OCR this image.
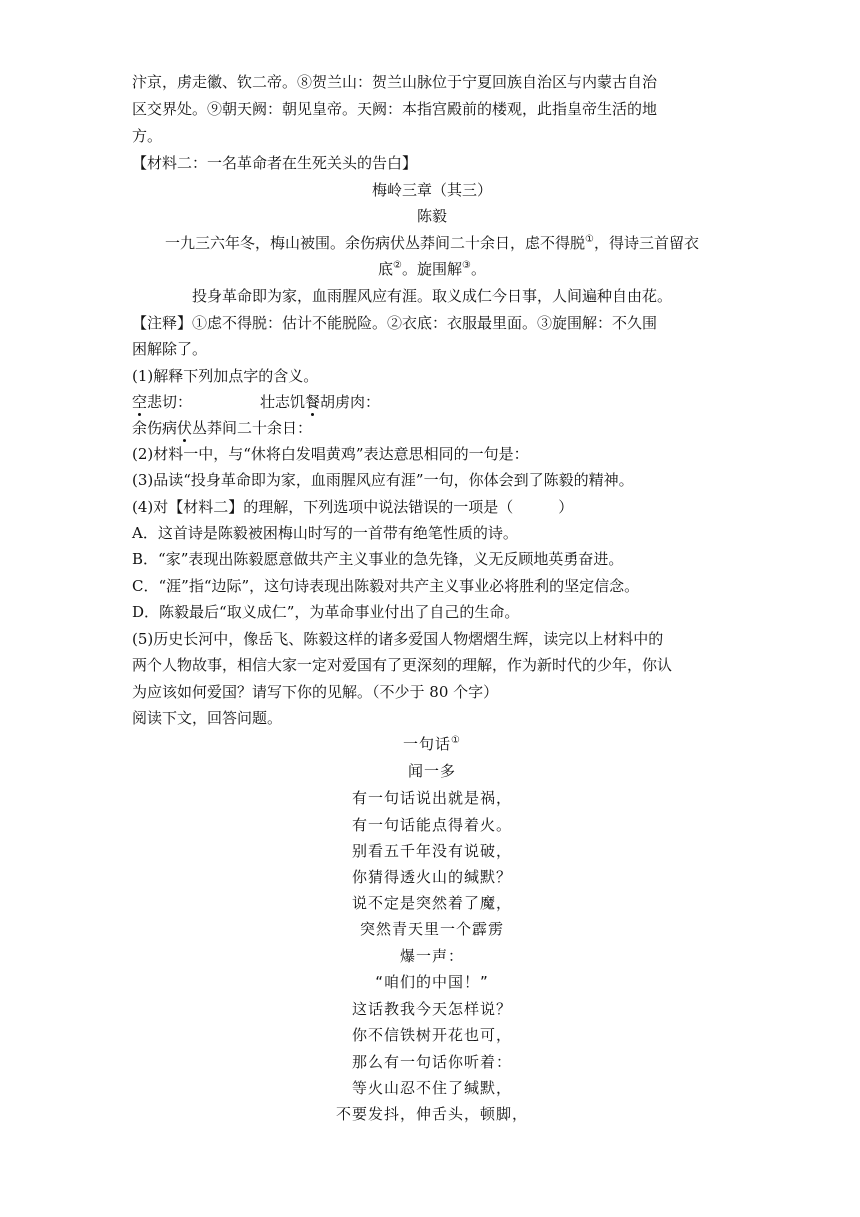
汴京，虏走徽、钦二帝。⑧贺兰山：贺兰山脉位于宁夏回族自治区与内蒙古自治
区交界处。⑨朝天阙：朝见皇帝。天阙：本指宫殿前的楼观，此指皇帝生活的地
方。
【材料二：一名革命者在生死关头的告白】
梅岭三章（其三）
陈毅
一九三六年冬，梅山被围。余伤病伏丛莽间二十余日，虑不得脱①，得诗三首留衣
底②。旋围解③。
投身革命即为家，血雨腥风应有涯。取义成仁今日事，人间遍种自由花。
【注释】①虑不得脱：估计不能脱险。②衣底：衣服最里面。③旋围解：不久围
困解除了。
(1)解释下列加点字的含义。
空悲切：	壮志饥餐胡虏肉：
余伤病伏丛莽间二十余日：
(2)材料一中，与“休将白发唱黄鸡”表达意思相同的一句是：
(3)品读“投身革命即为家，血雨腥风应有涯”一句，你体会到了陈毅的精神。
(4)对【材料二】的理解，下列选项中说法错误的一项是（　　　）
A．这首诗是陈毅被困梅山时写的一首带有绝笔性质的诗。
B．“家”表现出陈毅愿意做共产主义事业的急先锋，义无反顾地英勇奋进。
C．“涯”指“边际”，这句诗表现出陈毅对共产主义事业必将胜利的坚定信念。
D．陈毅最后“取义成仁”，为革命事业付出了自己的生命。
(5)历史长河中，像岳飞、陈毅这样的诸多爱国人物熠熠生辉，读完以上材料中的
两个人物故事，相信大家一定对爱国有了更深刻的理解，作为新时代的少年，你认
为应该如何爱国？请写下你的见解。（不少于 80 个字）
阅读下文，回答问题。
一句话①
闻一多
有一句话说出就是祸，
有一句话能点得着火。
别看五千年没有说破，
你猜得透火山的缄默？
说不定是突然着了魔，
突然青天里一个霹雳
爆一声：
“咱们的中国！”
这话教我今天怎样说？
你不信铁树开花也可，
那么有一句话你听着：
等火山忍不住了缄默，
不要发抖，伸舌头，顿脚，
